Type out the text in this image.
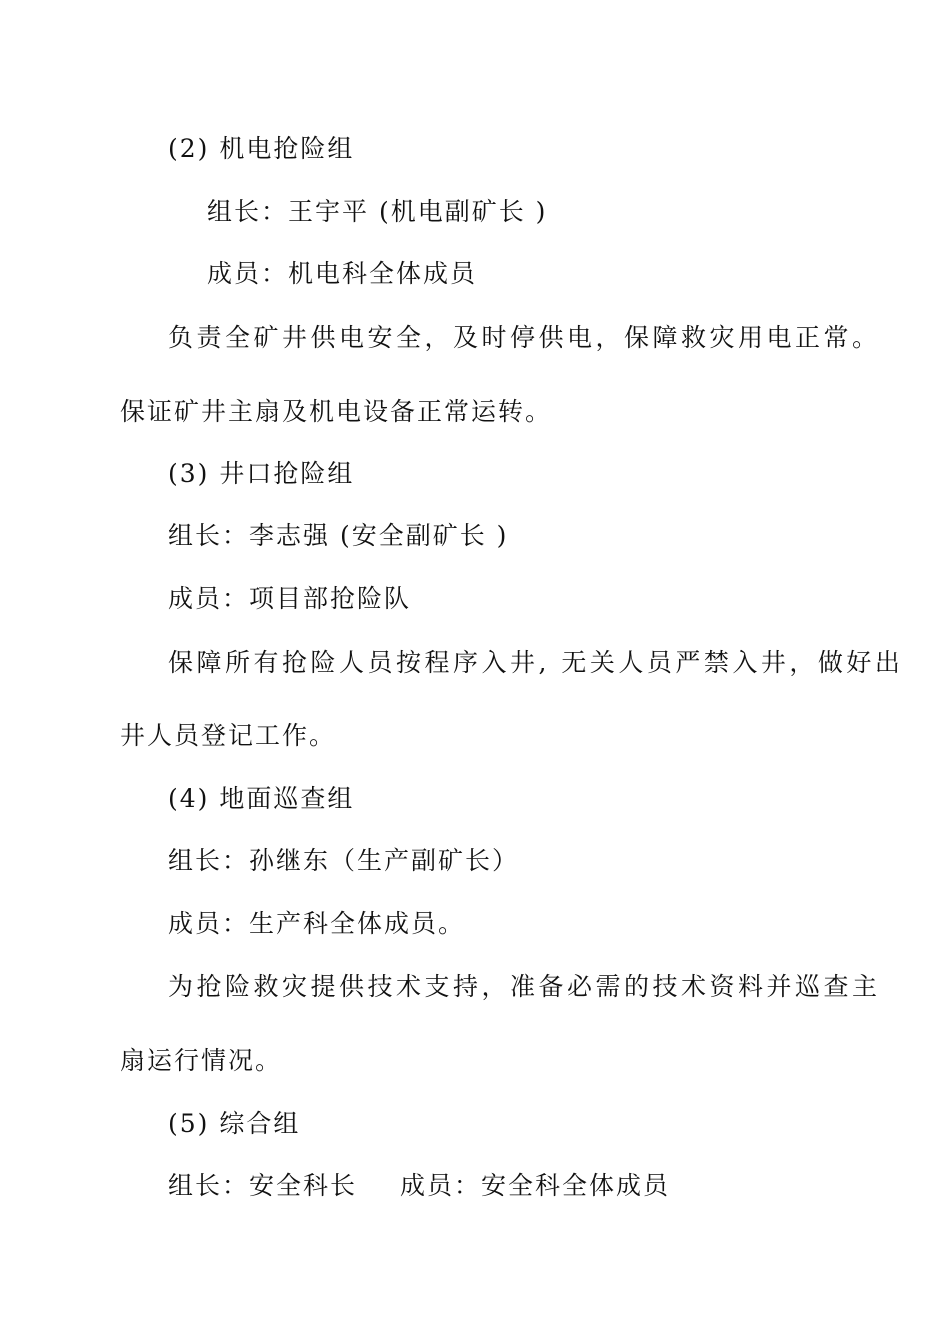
(2) 机电抢险组
组长：王宇平 (机电副矿长 )
成员：机电科全体成员
负责全矿井供电安全，及时停供电，保障救灾用电正常。
保证矿井主扇及机电设备正常运转。
(3) 井口抢险组
组长：李志强 (安全副矿长 )
成员：项目部抢险队
保障所有抢险人员按程序入井, 无关人员严禁入井，做好出
井人员登记工作。
(4) 地面巡查组
组长：孙继东（生产副矿长）
成员：生产科全体成员。
为抢险救灾提供技术支持，准备必需的技术资料并巡查主
扇运行情况。
(5) 综合组
组长：安全科长 成员：安全科全体成员
